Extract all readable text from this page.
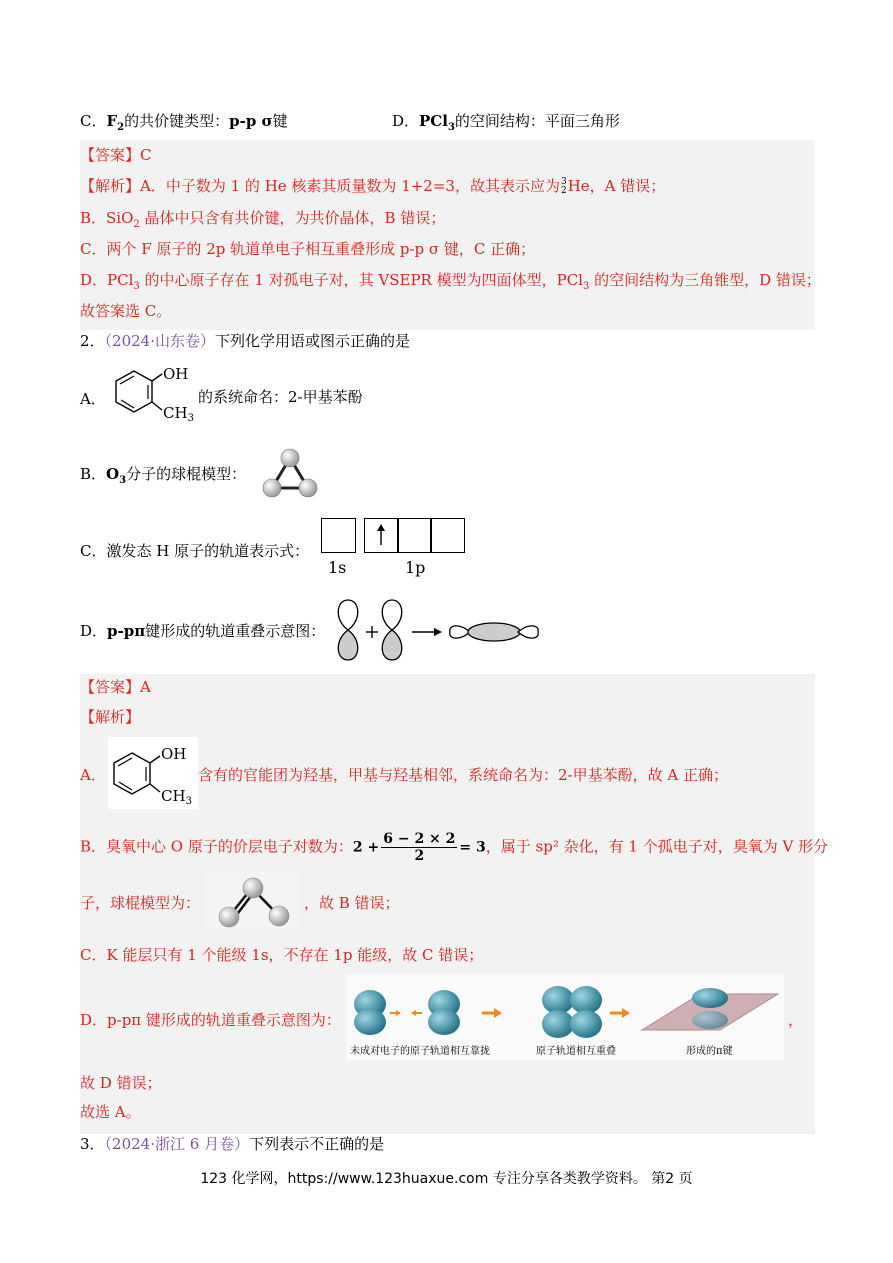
C．$F_2$的共价键类型：p-p σ键	D．PCl$_3$的空间结构：平面三角形
【答案】C
【解析】A．中子数为 1 的 He 核素其质量数为 1+2=3，故其表示应为 3
2 He，A 错误；
B．SiO$_2$ 晶体中只含有共价键，为共价晶体，B 错误；
C．两个 F 原子的 2p 轨道单电子相互重叠形成 p-p σ 键，C 正确；
D．PCl$_3$ 的中心原子存在 1 对孤电子对，其 VSEPR 模型为四面体型，PCl$_3$ 的空间结构为三角锥型，D 错误；
故答案选 C。
2．（2024·山东卷）下列化学用语或图示正确的是
A．
OH
$CH_3$
的系统命名：2-甲基苯酚
B．$O_3$分子的球棍模型：
C．激发态 H 原子的轨道表示式：
1s	1p
D．p-pπ键形成的轨道重叠示意图：
【答案】A
【解析】
A．
OH
$CH_3$
含有的官能团为羟基，甲基与羟基相邻，系统命名为：2-甲基苯酚，故 A 正确；
B．臭氧中心 O 原子的价层电子对数为：$2 + \frac{6 - 2 \times 2}{2} = 3$，属于 sp² 杂化，有 1 个孤电子对，臭氧为 V 形分
子，球棍模型为：	，故 B 错误；
C．K 能层只有 1 个能级 1s，不存在 1p 能级，故 C 错误；
D．p-pπ 键形成的轨道重叠示意图为：
未成对电子的原子轨道相互靠拢	原子轨道相互重叠	形成的π键
，
故 D 错误；
故选 A。
3．（2024·浙江 6 月卷）下列表示不正确的是
123 化学网，https://www.123huaxue.com 专注分享各类教学资料。 第2 页
